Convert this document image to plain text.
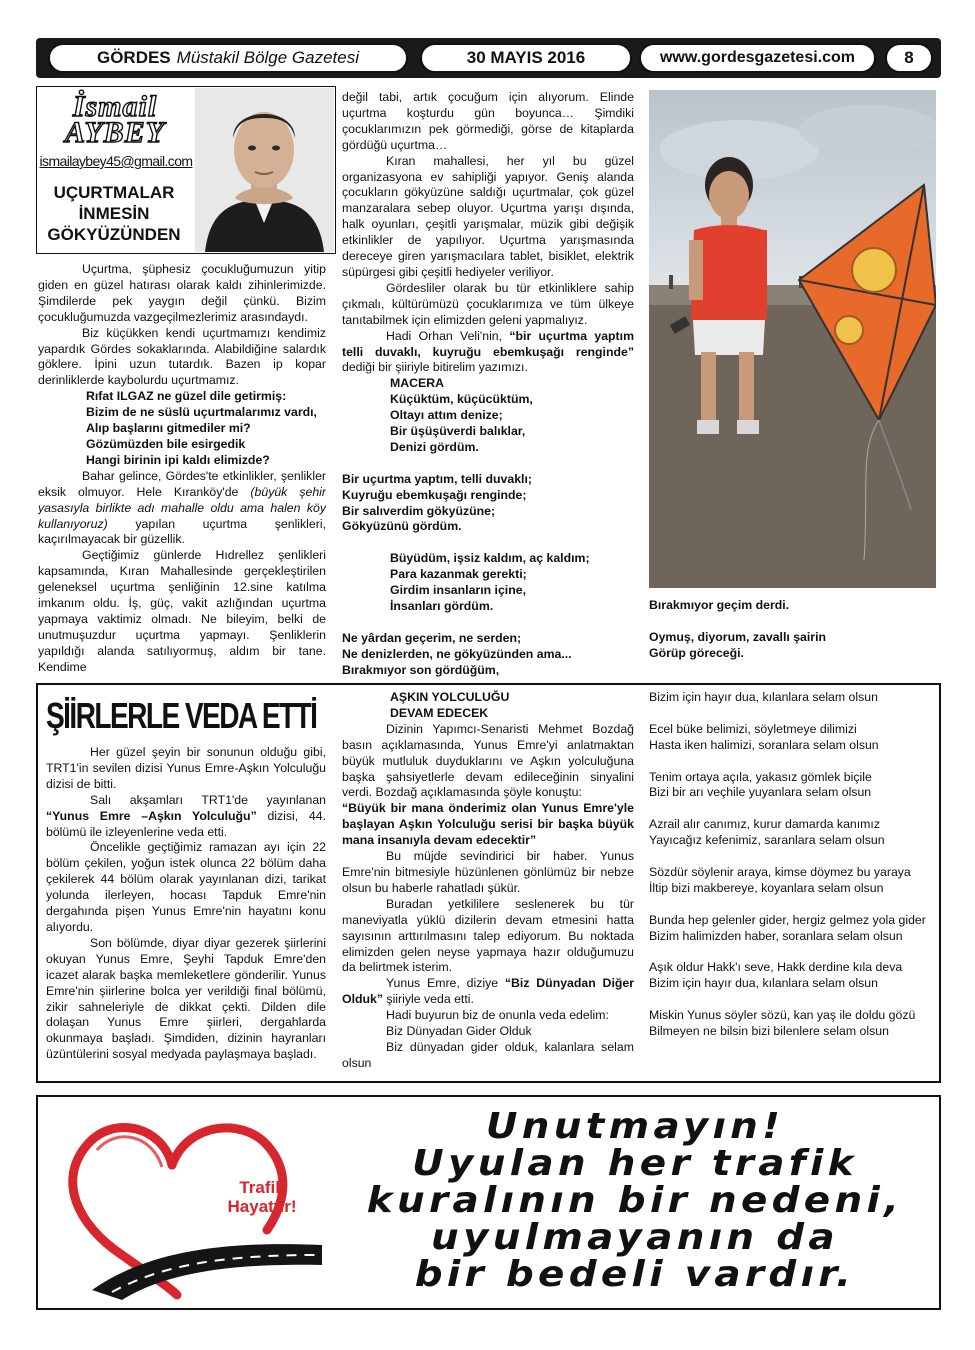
GÖRDES Müstakil Bölge Gazetesi	30 MAYIS 2016	www.gordesgazetesi.com	8
İsmail
AYBEY
ismailaybey45@gmail.com
UÇURTMALAR İNMESİN GÖKYÜZÜNDEN

Uçurtma, şüphesiz çocukluğumuzun yitip giden en güzel hatırası olarak kaldı zihinlerimizde. Şimdilerde pek yaygın değil çünkü. Bizim çocukluğumuzda vazgeçilmezlerimiz arasındaydı.

Biz küçükken kendi uçurtmamızı kendimiz yapardık Gördes sokaklarında. Alabildiğine salardık göklere. İpini uzun tutardık. Bazen ip kopar derinliklerde kaybolurdu uçurtmamız.

Rıfat ILGAZ ne güzel dile getirmiş:

Bizim de ne süslü uçurtmalarımız vardı,

Alıp başlarını gitmediler mi?

Gözümüzden bile esirgedik

Hangi birinin ipi kaldı elimizde?

Bahar gelince, Gördes'te etkinlikler, şenlikler eksik olmuyor. Hele Kıranköy'de (büyük şehir yasasıyla birlikte adı mahalle oldu ama halen köy kullanıyoruz) yapılan uçurtma şenlikleri, kaçırılmayacak bir güzellik.

Geçtiğimiz günlerde Hıdrellez şenlikleri kapsamında, Kıran Mahallesinde gerçekleştirilen geleneksel uçurtma şenliğinin 12.sine katılma imkanım oldu. İş, güç, vakit azlığından uçurtma yapmaya vaktimiz olmadı. Ne bileyim, belki de unutmuşuzdur uçurtma yapmayı. Şenliklerin yapıldığı alanda satılıyormuş, aldım bir tane. Kendime

değil tabi, artık çocuğum için alıyorum. Elinde uçurtma koşturdu gün boyunca… Şimdiki çocuklarımızın pek görmediği, görse de kitaplarda gördüğü uçurtma…

Kıran mahallesi, her yıl bu güzel organizasyona ev sahipliği yapıyor. Geniş alanda çocukların gökyüzüne saldığı uçurtmalar, çok güzel manzaralara sebep oluyor. Uçurtma yarışı dışında, halk oyunları, çeşitli yarışmalar, müzik gibi değişik etkinlikler de yapılıyor. Uçurtma yarışmasında dereceye giren yarışmacılara tablet, bisiklet, elektrik süpürgesi gibi çeşitli hediyeler veriliyor.

Gördesliler olarak bu tür etkinliklere sahip çıkmalı, kültürümüzü çocuklarımıza ve tüm ülkeye tanıtabilmek için elimizden geleni yapmalıyız.

Hadi Orhan Veli'nin, “bir uçurtma yaptım telli duvaklı, kuyruğu ebemkuşağı renginde” dediği bir şiiriyle bitirelim yazımızı.

MACERA

Küçüktüm, küçücüktüm,

Oltayı attım denize;

Bir üşüşüverdi balıklar,

Denizi gördüm.

Bir uçurtma yaptım, telli duvaklı;

Kuyruğu ebemkuşağı renginde;

Bir salıverdim gökyüzüne;

Gökyüzünü gördüm.

Büyüdüm, işsiz kaldım, aç kaldım;

Para kazanmak gerekti;

Girdim insanların içine,

İnsanları gördüm.

Ne yârdan geçerim, ne serden;

Ne denizlerden, ne gökyüzünden ama...

Bırakmıyor son gördüğüm,

Bırakmıyor geçim derdi.

Oymuş, diyorum, zavallı şairin

Görüp göreceği.

ŞİİRLERLE VEDA ETTİ

Her güzel şeyin bir sonunun olduğu gibi, TRT1'in sevilen dizisi Yunus Emre-Aşkın Yolculuğu dizisi de bitti.

Salı akşamları TRT1'de yayınlanan “Yunus Emre –Aşkın Yolculuğu” dizisi, 44. bölümü ile izleyenlerine veda etti.

Öncelikle geçtiğimiz ramazan ayı için 22 bölüm çekilen, yoğun istek olunca 22 bölüm daha çekilerek 44 bölüm olarak yayınlanan dizi, tarikat yolunda ilerleyen, hocası Tapduk Emre'nin dergahında pişen Yunus Emre'nin hayatını konu alıyordu.

Son bölümde, diyar diyar gezerek şiirlerini okuyan Yunus Emre, Şeyhi Tapduk Emre'den icazet alarak başka memleketlere gönderilir. Yunus Emre'nin şiirlerine bolca yer verildiği final bölümü, zikir sahneleriyle de dikkat çekti. Dilden dile dolaşan Yunus Emre şiirleri, dergahlarda okunmaya başladı. Şimdiden, dizinin hayranları üzüntülerini sosyal medyada paylaşmaya başladı.

AŞKIN YOLCULUĞU

DEVAM EDECEK

Dizinin Yapımcı-Senaristi Mehmet Bozdağ basın açıklamasında, Yunus Emre'yi anlatmaktan büyük mutluluk duyduklarını ve Aşkın yolculuğuna başka şahsiyetlerle devam edileceğinin sinyalini verdi. Bozdağ açıklamasında şöyle konuştu:

“Büyük bir mana önderimiz olan Yunus Emre'yle başlayan Aşkın Yolculuğu serisi bir başka büyük mana insanıyla devam edecektir”

Bu müjde sevindirici bir haber. Yunus Emre'nin bitmesiyle hüzünlenen gönlümüz bir nebze olsun bu haberle rahatladı şükür.

Buradan yetkililere seslenerek bu tür maneviyatla yüklü dizilerin devam etmesini hatta sayısının arttırılmasını talep ediyorum. Bu noktada elimizden gelen neyse yapmaya hazır olduğumuzu da belirtmek isterim.

Yunus Emre, diziye “Biz Dünyadan Diğer Olduk” şiiriyle veda etti.

Hadi buyurun biz de onunla veda edelim:

Biz Dünyadan Gider Olduk

Biz dünyadan gider olduk, kalanlara selam olsun

Bizim için hayır dua, kılanlara selam olsun

Ecel büke belimizi, söyletmeye dilimizi

Hasta iken halimizi, soranlara selam olsun

Tenim ortaya açıla, yakasız gömlek biçile

Bizi bir arı veçhile yuyanlara selam olsun

Azrail alır canımız, kurur damarda kanımız

Yayıcağız kefenimiz, saranlara selam olsun

Sözdür söylenir araya, kimse döymez bu yaraya

İltip bizi makbereye, koyanlara selam olsun

Bunda hep gelenler gider, hergiz gelmez yola gider

Bizim halimizden haber, soranlara selam olsun

Aşık oldur Hakk'ı seve, Hakk derdine kıla deva

Bizim için hayır dua, kılanlara selam olsun

Miskin Yunus söyler sözü, kan yaş ile doldu gözü

Bilmeyen ne bilsin bizi bilenlere selam olsun

Trafik
Hayattır!
Unutmayın!
Uyulan her trafik
kuralının bir nedeni,
uyulmayanın da
bir bedeli vardır.
